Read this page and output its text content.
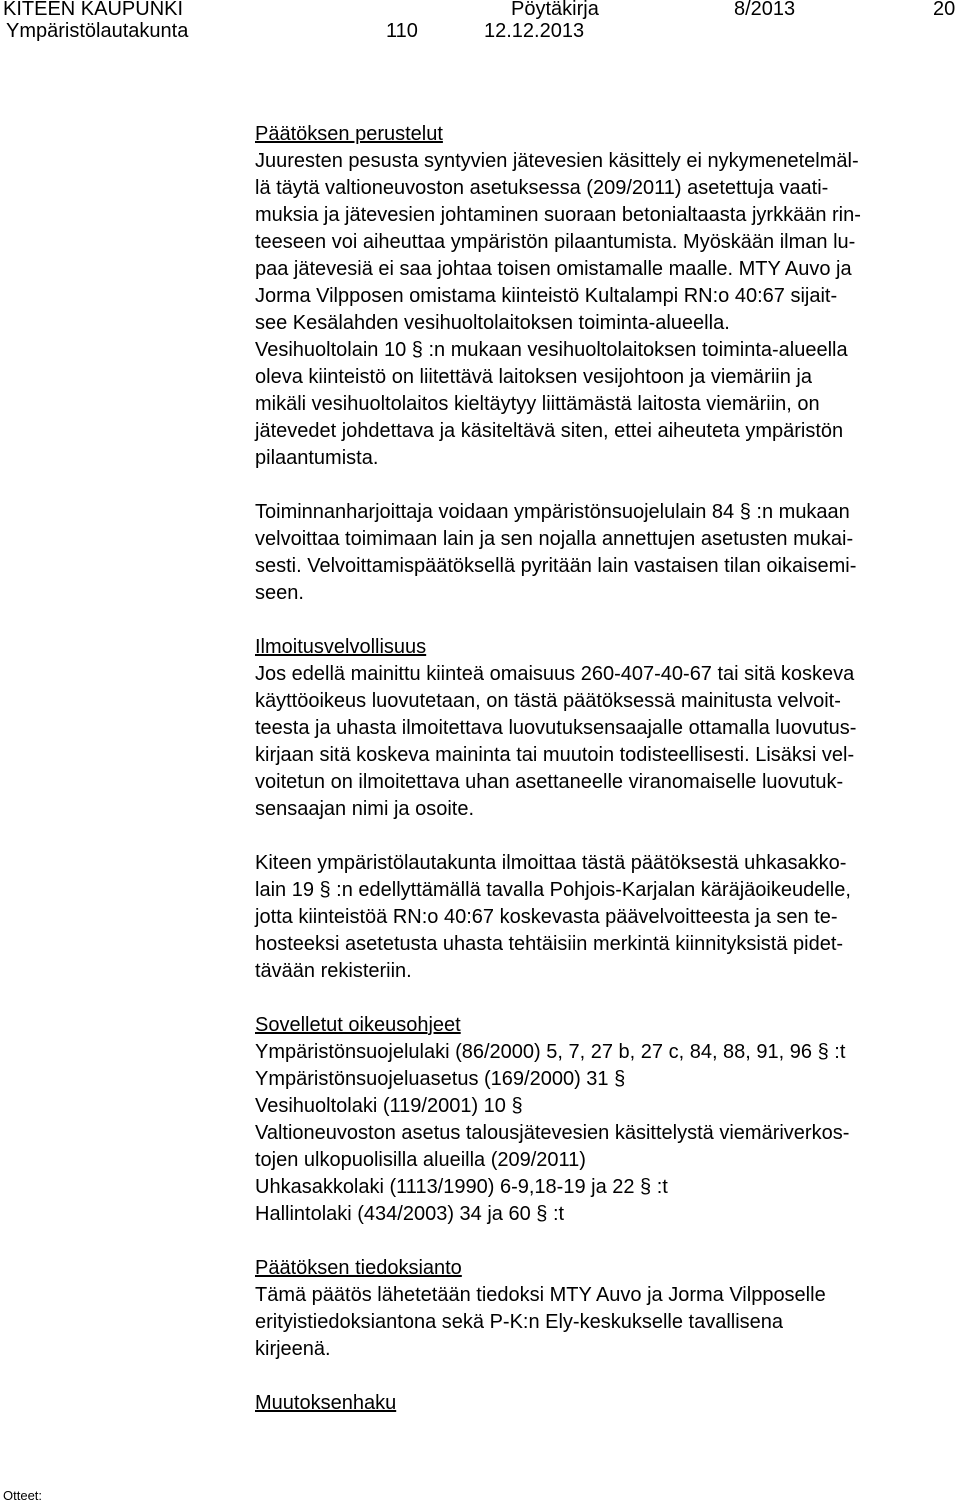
KITEEN KAUPUNKI	Pöytäkirja	8/2013	20
Ympäristölautakunta	110	12.12.2013
Päätöksen perustelut
Juuresten pesusta syntyvien jätevesien käsittely ei nykymenetelmäl-
lä täytä valtioneuvoston asetuksessa (209/2011) asetettuja vaati-
muksia ja jätevesien johtaminen suoraan betonialtaasta jyrkkään rin-
teeseen voi aiheuttaa ympäristön pilaantumista. Myöskään ilman lu-
paa jätevesiä ei saa johtaa toisen omistamalle maalle. MTY Auvo ja
Jorma Vilpposen omistama kiinteistö Kultalampi RN:o 40:67 sijait-
see Kesälahden vesihuoltolaitoksen toiminta-alueella.
Vesihuoltolain 10 § :n mukaan vesihuoltolaitoksen toiminta-alueella
oleva kiinteistö on liitettävä laitoksen vesijohtoon ja viemäriin ja
mikäli vesihuoltolaitos kieltäytyy liittämästä laitosta viemäriin, on
jätevedet johdettava ja käsiteltävä siten, ettei aiheuteta ympäristön
pilaantumista.
Toiminnanharjoittaja voidaan ympäristönsuojelulain 84 § :n mukaan
velvoittaa toimimaan lain ja sen nojalla annettujen asetusten mukai-
sesti. Velvoittamispäätöksellä pyritään lain vastaisen tilan oikaisemi-
seen.
Ilmoitusvelvollisuus
Jos edellä mainittu kiinteä omaisuus 260-407-40-67 tai sitä koskeva
käyttöoikeus luovutetaan, on tästä päätöksessä mainitusta velvoit-
teesta ja uhasta ilmoitettava luovutuksensaajalle ottamalla luovutus-
kirjaan sitä koskeva maininta tai muutoin todisteellisesti. Lisäksi vel-
voitetun on ilmoitettava uhan asettaneelle viranomaiselle luovutuk-
sensaajan nimi ja osoite.
Kiteen ympäristölautakunta ilmoittaa tästä päätöksestä uhkasakko-
lain 19 § :n edellyttämällä tavalla Pohjois-Karjalan käräjäoikeudelle,
jotta kiinteistöä RN:o 40:67 koskevasta päävelvoitteesta ja sen te-
hosteeksi asetetusta uhasta tehtäisiin merkintä kiinnityksistä pidet-
tävään rekisteriin.
Sovelletut oikeusohjeet
Ympäristönsuojelulaki (86/2000) 5, 7, 27 b, 27 c, 84, 88, 91, 96 § :t
Ympäristönsuojeluasetus (169/2000) 31 §
Vesihuoltolaki (119/2001) 10 §
Valtioneuvoston asetus talousjätevesien käsittelystä viemäriverkos-
tojen ulkopuolisilla alueilla (209/2011)
Uhkasakkolaki (1113/1990) 6-9,18-19 ja 22 § :t
Hallintolaki (434/2003) 34 ja 60 § :t
Päätöksen tiedoksianto
Tämä päätös lähetetään tiedoksi MTY Auvo ja Jorma Vilpposelle
erityistiedoksiantona sekä P-K:n Ely-keskukselle tavallisena
kirjeenä.
Muutoksenhaku
Otteet:
